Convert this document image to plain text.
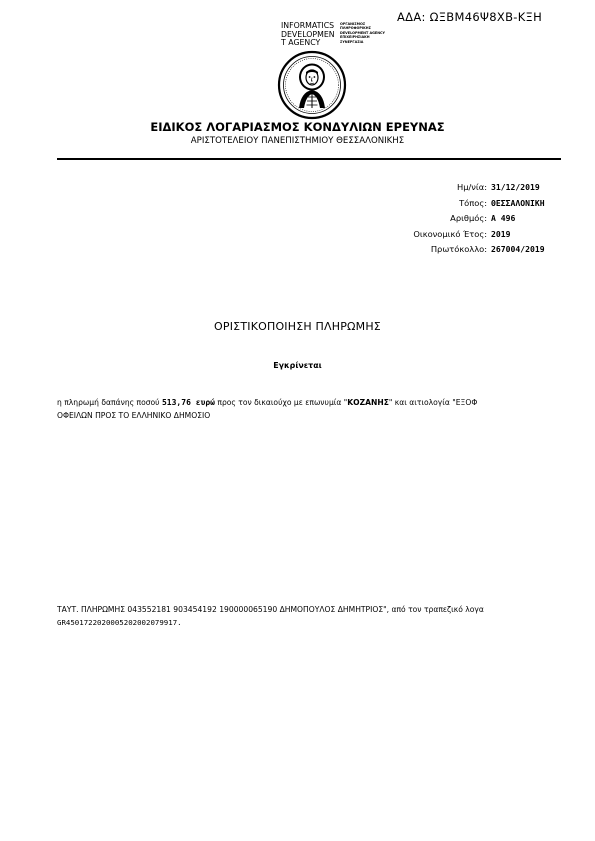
ΑΔΑ: ΩΞΒΜ46Ψ8ΧΒ-ΚΞΗ
INFORMATICS
DEVELOPMEN
T AGENCY
ΟΡΓΑΝΙΣΜΟΣ
ΠΛΗΡΟΦΟΡΙΚΗΣ
DEVELOPMENT AGENCY
ΕΠΙΧΕΙΡΗΣΙΑΚΗ
ΣΥΝΕΡΓΑΣΙΑ
ΕΙΔΙΚΟΣ ΛΟΓΑΡΙΑΣΜΟΣ ΚΟΝΔΥΛΙΩΝ ΕΡΕΥΝΑΣ
ΑΡΙΣΤΟΤΕΛΕΙΟΥ ΠΑΝΕΠΙΣΤΗΜΙΟΥ ΘΕΣΣΑΛΟΝΙΚΗΣ
Ημ/νία: 31/12/2019
Τόπος: ΘΕΣΣΑΛΟΝΙΚΗ
Αριθμός: Α 496
Οικονομικό Έτος: 2019
Πρωτόκολλο: 267004/2019
ΟΡΙΣΤΙΚΟΠΟΙΗΣΗ ΠΛΗΡΩΜΗΣ
Εγκρίνεται
η πληρωμή δαπάνης ποσού 513,76 ευρώ προς τον δικαιούχο με επωνυμία "ΚΟΖΑΝΗΣ" και αιτιολογία "ΕΞΟΦ
ΟΦΕΙΛΩΝ ΠΡΟΣ ΤΟ ΕΛΛΗΝΙΚΟ ΔΗΜΟΣΙΟ
ΤΑΥΤ. ΠΛΗΡΩΜΗΣ 043552181 903454192 190000065190 ΔΗΜΟΠΟΥΛΟΣ ΔΗΜΗΤΡΙΟΣ", από τον τραπεζικό λογα
GR4501722020005202002079917.
